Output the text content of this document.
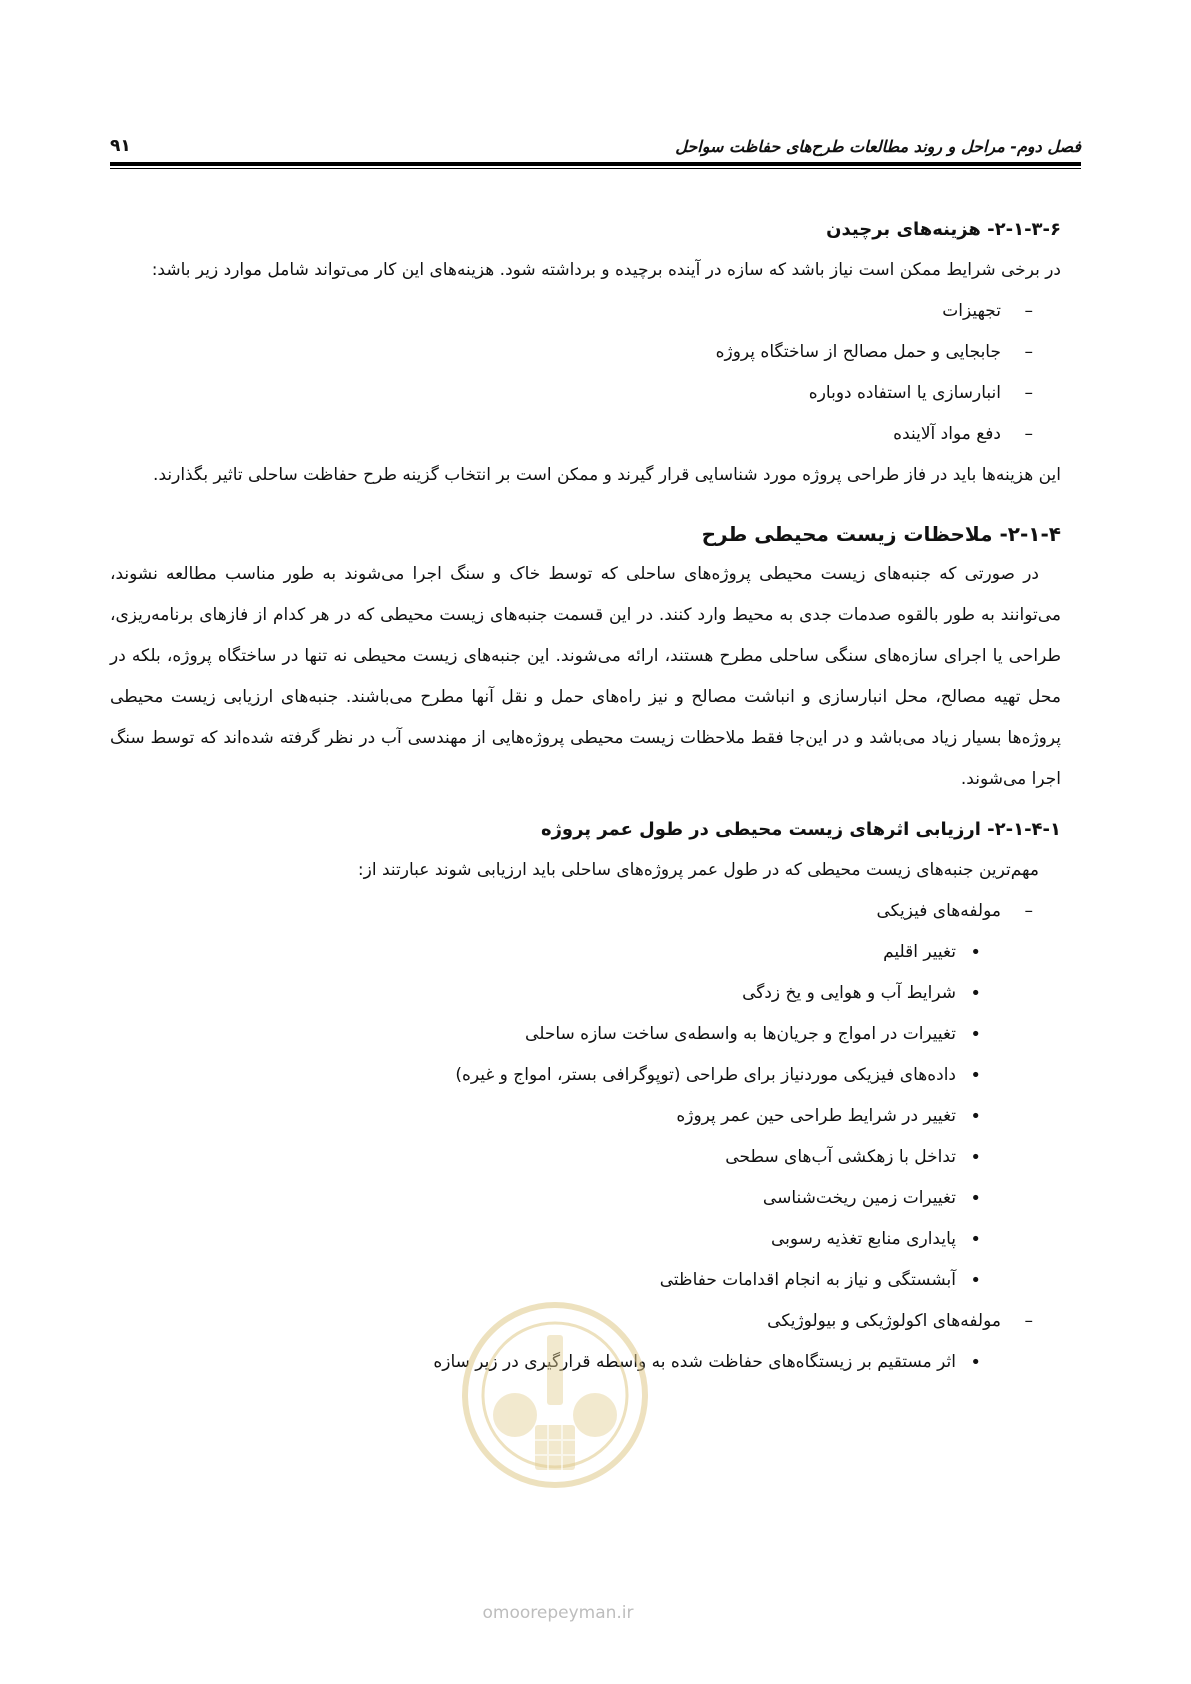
۹۱	فصل دوم- مراحل و روند مطالعات طرح‌های حفاظت سواحل
۲-۱-۳-۶- هزینه‌های برچیدن

در برخی شرایط ممکن است نیاز باشد که سازه در آینده برچیده و برداشته شود. هزینه‌های این کار می‌تواند شامل موارد زیر باشد:

– تجهیزات
– جابجایی و حمل مصالح از ساختگاه پروژه
– انبارسازی یا استفاده دوباره
– دفع مواد آلاینده

این هزینه‌ها باید در فاز طراحی پروژه مورد شناسایی قرار گیرند و ممکن است بر انتخاب گزینه طرح حفاظت ساحلی تاثیر بگذارند.

۲-۱-۴- ملاحظات زیست محیطی طرح

در صورتی که جنبه‌های زیست محیطی پروژه‌های ساحلی که توسط خاک و سنگ اجرا می‌شوند به طور مناسب مطالعه نشوند، می‌توانند به طور بالقوه صدمات جدی به محیط وارد کنند. در این قسمت جنبه‌های زیست محیطی که در هر کدام از فازهای برنامه‌ریزی، طراحی یا اجرای سازه‌های سنگی ساحلی مطرح هستند، ارائه می‌شوند. این جنبه‌های زیست محیطی نه تنها در ساختگاه پروژه، بلکه در محل تهیه مصالح، محل انبارسازی و انباشت مصالح و نیز راه‌های حمل و نقل آنها مطرح می‌باشند. جنبه‌های ارزیابی زیست محیطی پروژه‌ها بسیار زیاد می‌باشد و در این‌جا فقط ملاحظات زیست محیطی پروژه‌هایی از مهندسی آب در نظر گرفته شده‌اند که توسط سنگ اجرا می‌شوند.

۲-۱-۴-۱- ارزیابی اثرهای زیست محیطی در طول عمر پروژه

مهم‌ترین جنبه‌های زیست محیطی که در طول عمر پروژه‌های ساحلی باید ارزیابی شوند عبارتند از:

– مولفه‌های فیزیکی
• تغییر اقلیم
• شرایط آب و هوایی و یخ زدگی
• تغییرات در امواج و جریان‌ها به واسطه‌ی ساخت سازه ساحلی
• داده‌های فیزیکی موردنیاز برای طراحی (توپوگرافی بستر، امواج و غیره)
• تغییر در شرایط طراحی حین عمر پروژه
• تداخل با زهکشی آب‌های سطحی
• تغییرات زمین ریخت‌شناسی
• پایداری منابع تغذیه رسوبی
• آبشستگی و نیاز به انجام اقدامات حفاظتی
– مولفه‌های اکولوژیکی و بیولوژیکی
• اثر مستقیم بر زیستگاه‌های حفاظت شده به واسطه قرارگیری در زیر سازه
omoorepeyman.ir
